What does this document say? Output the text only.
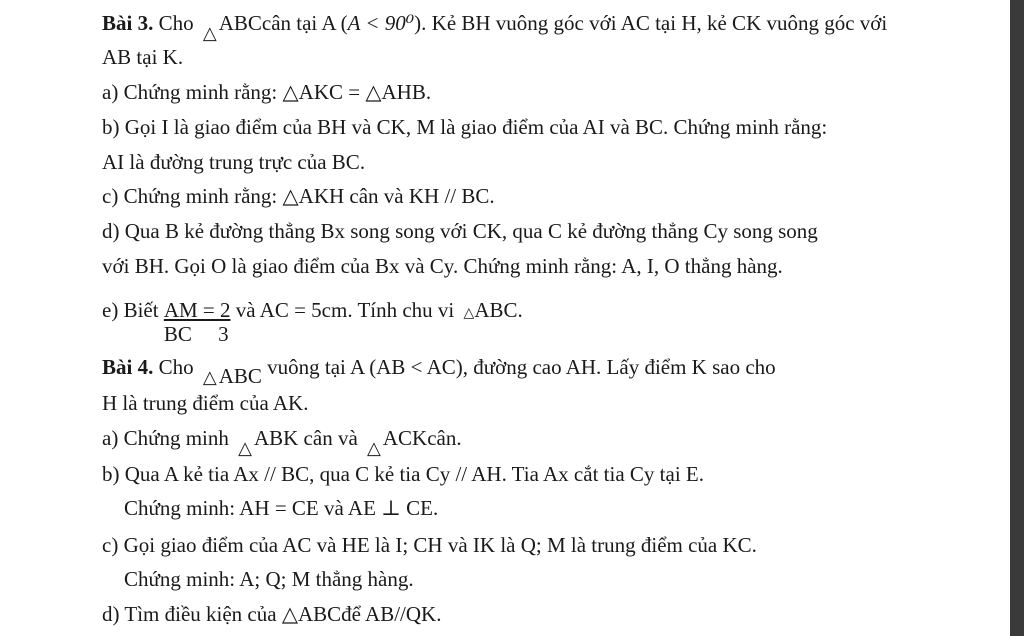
Bài 3. Cho △ABCcân tại A (A < 90⁰). Kẻ BH vuông góc với AC tại H, kẻ CK vuông góc với
AB tại K.
a) Chứng minh rằng: △AKC = △AHB.
b) Gọi I là giao điểm của BH và CK, M là giao điểm của AI và BC. Chứng minh rằng:
AI là đường trung trực của BC.
c) Chứng minh rằng: △AKH cân và KH // BC.
d) Qua B kẻ đường thẳng Bx song song với CK, qua C kẻ đường thẳng Cy song song
với BH. Gọi O là giao điểm của Bx và Cy. Chứng minh rằng: A, I, O thẳng hàng.
e) Biết $\frac{AM = 2}{BC 3}$ và AC = 5cm. Tính chu vi △ABC.
Bài 4. Cho △ABC vuông tại A (AB < AC), đường cao AH. Lấy điểm K sao cho
H là trung điểm của AK.
a) Chứng minh △ABK cân và △ACKcân.
b) Qua A kẻ tia Ax // BC, qua C kẻ tia Cy // AH. Tia Ax cắt tia Cy tại E.
Chứng minh: AH = CE và AE ⊥ CE.
c) Gọi giao điểm của AC và HE là I; CH và IK là Q; M là trung điểm của KC.
Chứng minh: A; Q; M thẳng hàng.
d) Tìm điều kiện của △ABCđể AB//QK.
